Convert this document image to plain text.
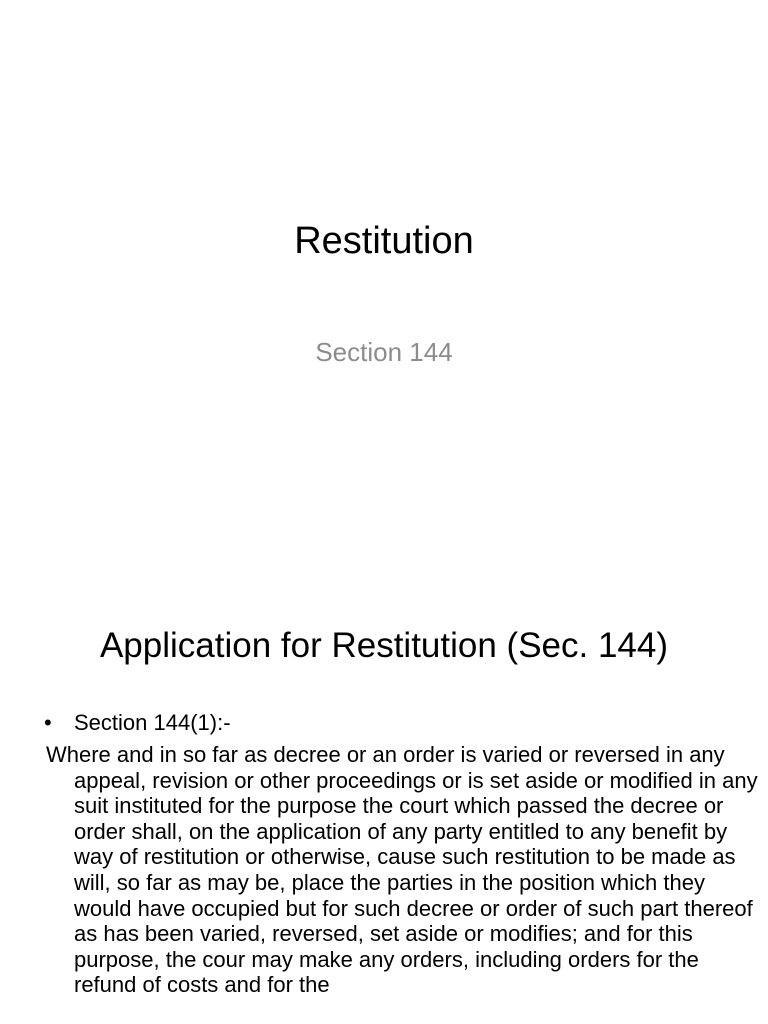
Restitution
Section 144
Application for Restitution (Sec. 144)

• Section 144(1):-

Where and in so far as decree or an order is varied or reversed in any appeal, revision or other proceedings or is set aside or modified in any suit instituted for the purpose the court which passed the decree or order shall, on the application of any party entitled to any benefit by way of restitution or otherwise, cause such restitution to be made as will, so far as may be, place the parties in the position which they would have occupied but for such decree or order of such part thereof as has been varied, reversed, set aside or modifies; and for this purpose, the cour may make any orders, including orders for the refund of costs and for the
